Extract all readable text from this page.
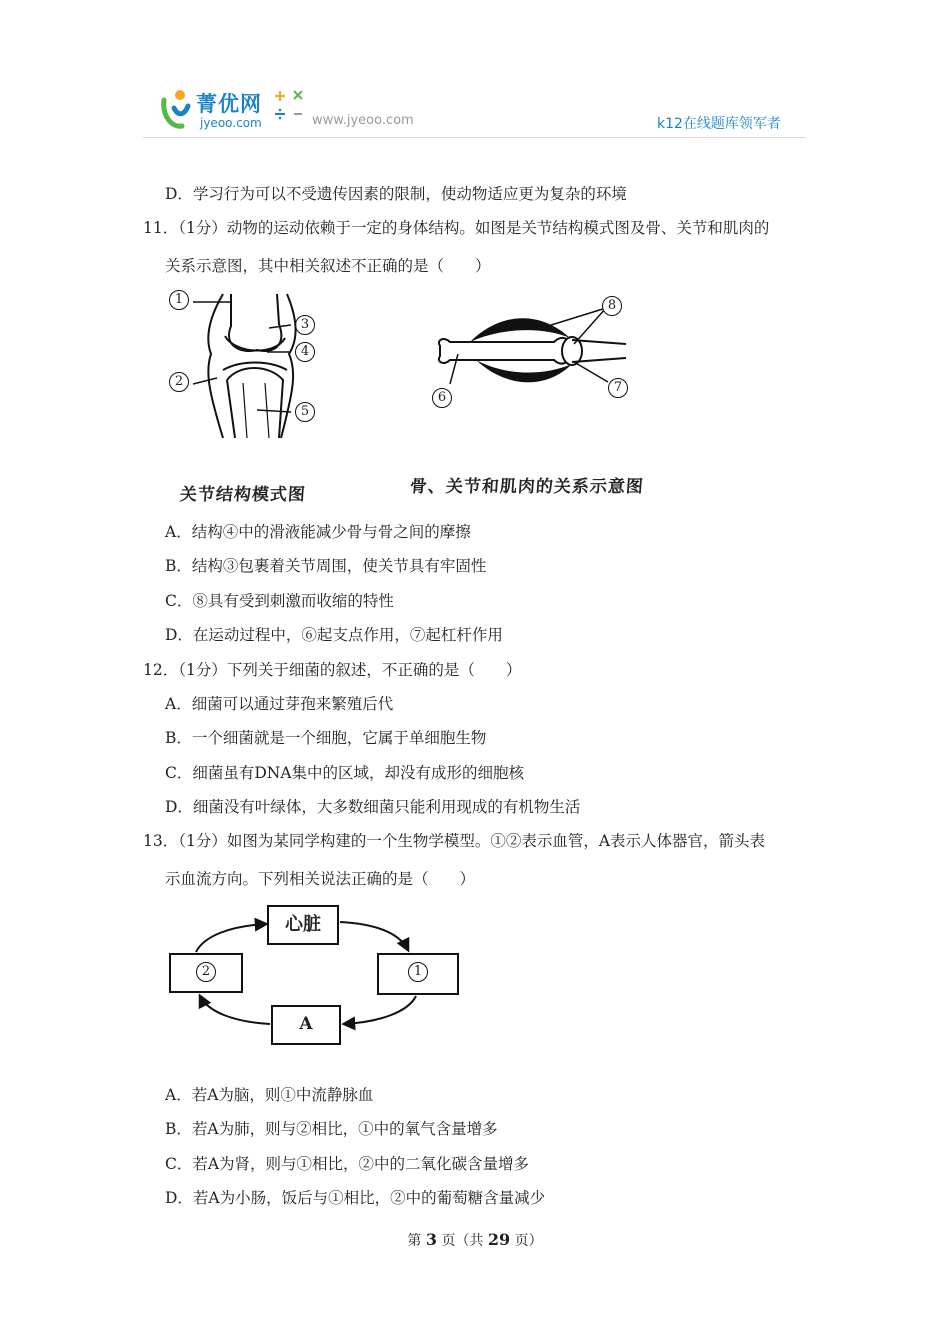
菁优网
jyeoo.com	www.jyeoo.com	k12在线题库领军者
D．学习行为可以不受遗传因素的限制，使动物适应更为复杂的环境
11．（1分）动物的运动依赖于一定的身体结构。如图是关节结构模式图及骨、关节和肌肉的
关系示意图，其中相关叙述不正确的是（　　）
1
2
3
4
5
8
6
7
关节结构模式图	骨、关节和肌肉的关系示意图
A．结构④中的滑液能减少骨与骨之间的摩擦
B．结构③包裹着关节周围，使关节具有牢固性
C．⑧具有受到刺激而收缩的特性
D．在运动过程中，⑥起支点作用，⑦起杠杆作用
12．（1分）下列关于细菌的叙述，不正确的是（　　）
A．细菌可以通过芽孢来繁殖后代
B．一个细菌就是一个细胞，它属于单细胞生物
C．细菌虽有DNA集中的区域，却没有成形的细胞核
D．细菌没有叶绿体，大多数细菌只能利用现成的有机物生活
13．（1分）如图为某同学构建的一个生物学模型。①②表示血管，A表示人体器官，箭头表
示血流方向。下列相关说法正确的是（　　）
心脏
2	1
A
A．若A为脑，则①中流静脉血
B．若A为肺，则与②相比，①中的氧气含量增多
C．若A为肾，则与①相比，②中的二氧化碳含量增多
D．若A为小肠，饭后与①相比，②中的葡萄糖含量减少
第 3 页（共 29 页）
